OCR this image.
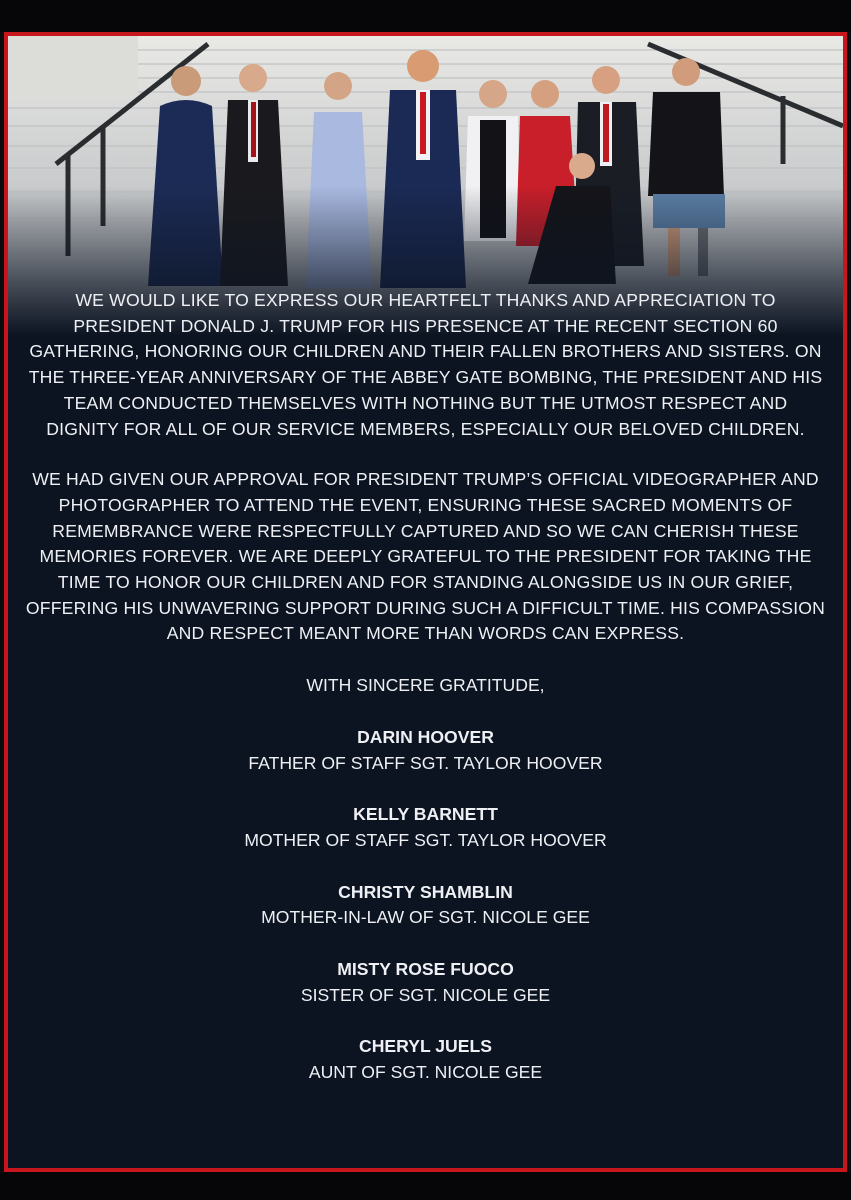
WE WOULD LIKE TO EXPRESS OUR HEARTFELT THANKS AND APPRECIATION TO PRESIDENT DONALD J. TRUMP FOR HIS PRESENCE AT THE RECENT SECTION 60 GATHERING, HONORING OUR CHILDREN AND THEIR FALLEN BROTHERS AND SISTERS. ON THE THREE-YEAR ANNIVERSARY OF THE ABBEY GATE BOMBING, THE PRESIDENT AND HIS TEAM CONDUCTED THEMSELVES WITH NOTHING BUT THE UTMOST RESPECT AND DIGNITY FOR ALL OF OUR SERVICE MEMBERS, ESPECIALLY OUR BELOVED CHILDREN.

WE HAD GIVEN OUR APPROVAL FOR PRESIDENT TRUMP’S OFFICIAL VIDEOGRAPHER AND PHOTOGRAPHER TO ATTEND THE EVENT, ENSURING THESE SACRED MOMENTS OF REMEMBRANCE WERE RESPECTFULLY CAPTURED AND SO WE CAN CHERISH THESE MEMORIES FOREVER. WE ARE DEEPLY GRATEFUL TO THE PRESIDENT FOR TAKING THE TIME TO HONOR OUR CHILDREN AND FOR STANDING ALONGSIDE US IN OUR GRIEF, OFFERING HIS UNWAVERING SUPPORT DURING SUCH A DIFFICULT TIME. HIS COMPASSION AND RESPECT MEANT MORE THAN WORDS CAN EXPRESS.

WITH SINCERE GRATITUDE,
DARIN HOOVER
FATHER OF STAFF SGT. TAYLOR HOOVER
KELLY BARNETT
MOTHER OF STAFF SGT. TAYLOR HOOVER
CHRISTY SHAMBLIN
MOTHER-IN-LAW OF SGT. NICOLE GEE
MISTY ROSE FUOCO
SISTER OF SGT. NICOLE GEE
CHERYL JUELS
AUNT OF SGT. NICOLE GEE
